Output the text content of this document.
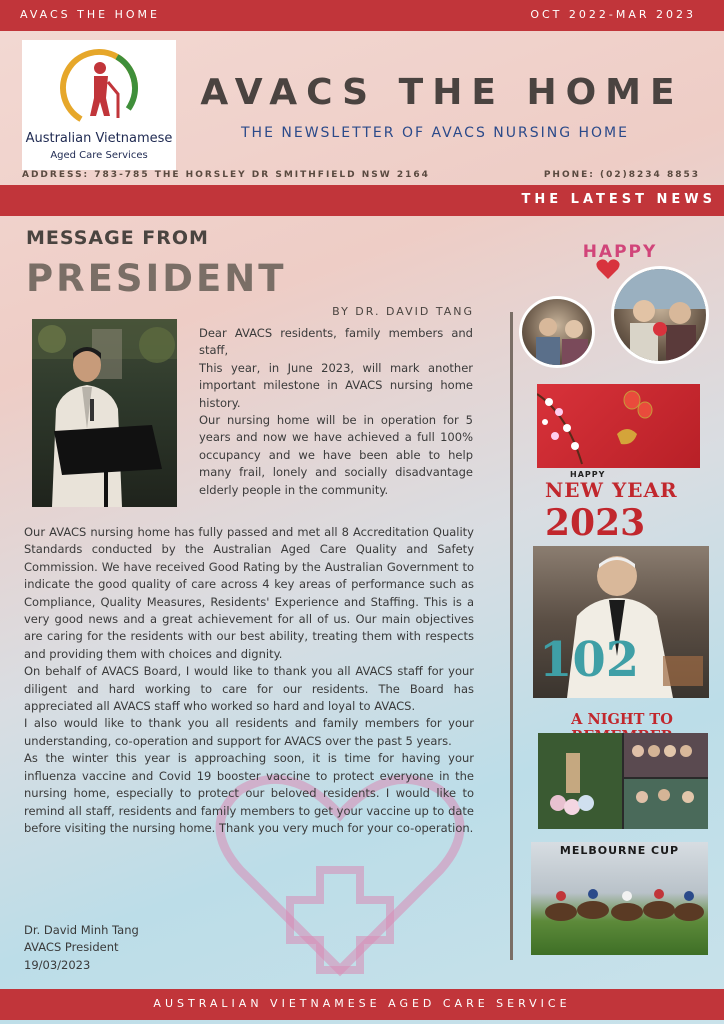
AVACS THE HOME	OCT 2022-MAR 2023
Australian Vietnamese
Aged Care Services
AVACS THE HOME
THE NEWSLETTER OF AVACS NURSING HOME
ADDRESS: 783-785 THE HORSLEY DR SMITHFIELD NSW 2164	PHONE: (02)8234 8853
THE LATEST NEWS
MESSAGE FROM
PRESIDENT
BY DR. DAVID TANG

Dear AVACS residents, family members and staff,

This year, in June 2023, will mark another important milestone in AVACS nursing home history.

Our nursing home will be in operation for 5 years and now we have achieved a full 100% occupancy and we have been able to help many frail, lonely and socially disadvantage elderly people in the community.

Our AVACS nursing home has fully passed and met all 8 Accreditation Quality Standards conducted by the Australian Aged Care Quality and Safety Commission. We have received Good Rating by the Australian Government to indicate the good quality of care across 4 key areas of performance such as Compliance, Quality Measures, Residents' Experience and Staffing. This is a very good news and a great achievement for all of us. Our main objectives are caring for the residents with our best ability, treating them with respects and providing them with choices and dignity.

On behalf of AVACS Board, I would like to thank you all AVACS staff for your diligent and hard working to care for our residents. The Board has appreciated all AVACS staff who worked so hard and loyal to AVACS.

I also would like to thank you all residents and family members for your understanding, co-operation and support for AVACS over the past 5 years.

As the winter this year is approaching soon, it is time for having your influenza vaccine and Covid 19 booster vaccine to protect everyone in the nursing home, especially to protect our beloved residents. I would like to remind all staff, residents and family members to get your vaccine up to date before visiting the nursing home. Thank you very much for your co-operation.

Dr. David Minh Tang

AVACS President

19/03/2023

HAPPY
HAPPY
NEW YEAR 2023
102
A NIGHT TO
MELBOURNE CUP
AUSTRALIAN VIETNAMESE AGED CARE SERVICE
